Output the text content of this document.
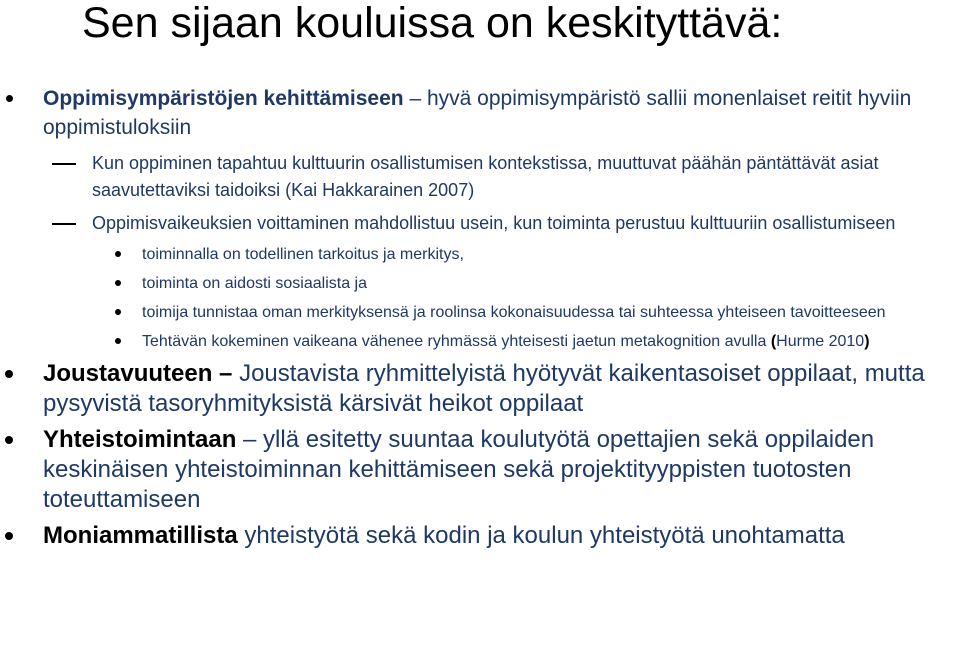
Sen sijaan kouluissa on keskityttävä:
Oppimisympäristöjen kehittämiseen – hyvä oppimisympäristö sallii monenlaiset reitit hyviin oppimistuloksiin
Kun oppiminen tapahtuu kulttuurin osallistumisen kontekstissa, muuttuvat päähän päntättävät asiat saavutettaviksi taidoiksi (Kai Hakkarainen 2007)
Oppimisvaikeuksien voittaminen mahdollistuu usein, kun toiminta perustuu kulttuuriin osallistumiseen
toiminnalla on todellinen tarkoitus ja merkitys,
toiminta on aidosti sosiaalista ja
toimija tunnistaa oman merkityksensä ja roolinsa kokonaisuudessa tai suhteessa yhteiseen tavoitteeseen
Tehtävän kokeminen vaikeana vähenee ryhmässä yhteisesti jaetun metakognition avulla (Hurme 2010)
Joustavuuteen – Joustavista ryhmittelyistä hyötyvät kaikentasoiset oppilaat, mutta pysyvistä tasoryhmityksistä kärsivät heikot oppilaat
Yhteistoimintaan – yllä esitetty suuntaa koulutyötä opettajien sekä oppilaiden keskinäisen yhteistoiminnan kehittämiseen sekä projektityyppisten tuotosten toteuttamiseen
Moniammatillista yhteistyötä sekä kodin ja koulun yhteistyötä unohtamatta
